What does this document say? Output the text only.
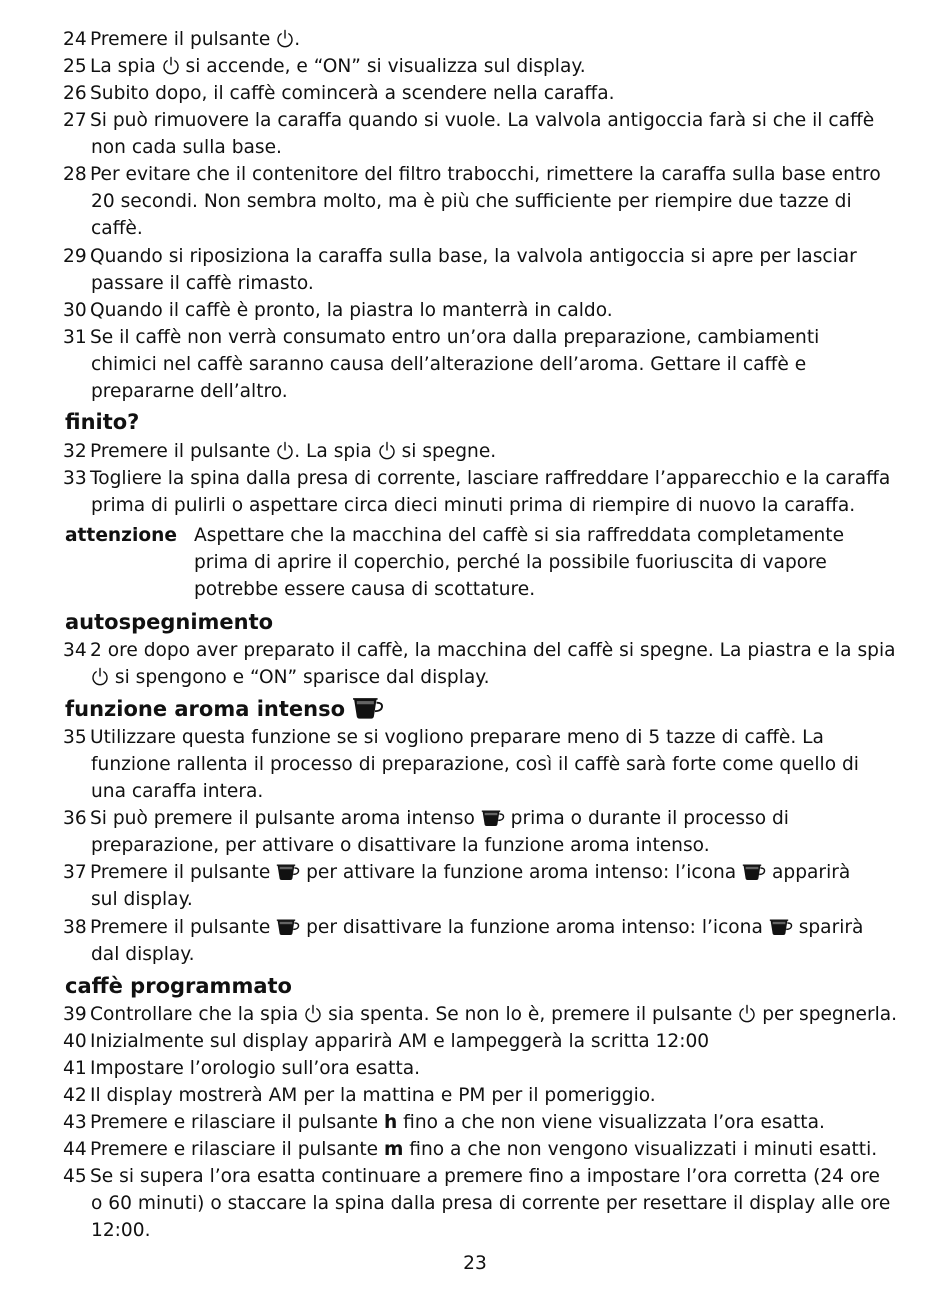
24 Premere il pulsante
.
25 La spia
si accende, e “ON” si visualizza sul display.
26 Subito dopo, il caffè comincerà a scendere nella caraffa.
27 Si può rimuovere la caraffa quando si vuole. La valvola antigoccia farà si che il caffè
non cada sulla base.
28 Per evitare che il contenitore del filtro trabocchi, rimettere la caraffa sulla base entro
20 secondi. Non sembra molto, ma è più che sufficiente per riempire due tazze di
caffè.
29 Quando si riposiziona la caraffa sulla base, la valvola antigoccia si apre per lasciar
passare il caffè rimasto.
30 Quando il caffè è pronto, la piastra lo manterrà in caldo.
31 Se il caffè non verrà consumato entro un’ora dalla preparazione, cambiamenti
chimici nel caffè saranno causa dell’alterazione dell’aroma. Gettare il caffè e
prepararne dell’altro.
finito?
32 Premere il pulsante
. La spia
si spegne.
33 Togliere la spina dalla presa di corrente, lasciare raffreddare l’apparecchio e la caraffa
prima di pulirli o aspettare circa dieci minuti prima di riempire di nuovo la caraffa.
attenzione Aspettare che la macchina del caffè si sia raffreddata completamente
prima di aprire il coperchio, perché la possibile fuoriuscita di vapore
potrebbe essere causa di scottature.
autospegnimento
34 2 ore dopo aver preparato il caffè, la macchina del caffè si spegne. La piastra e la spia
si spengono e “ON” sparisce dal display.
funzione aroma intenso
35 Utilizzare questa funzione se si vogliono preparare meno di 5 tazze di caffè. La
funzione rallenta il processo di preparazione, così il caffè sarà forte come quello di
una caraffa intera.
36 Si può premere il pulsante aroma intenso
prima o durante il processo di
preparazione, per attivare o disattivare la funzione aroma intenso.
37 Premere il pulsante
per attivare la funzione aroma intenso: l’icona
apparirà
sul display.
38 Premere il pulsante
per disattivare la funzione aroma intenso: l’icona
sparirà
dal display.
caffè programmato
39 Controllare che la spia
sia spenta. Se non lo è, premere il pulsante
per spegnerla.
40 Inizialmente sul display apparirà AM e lampeggerà la scritta 12:00
41 Impostare l’orologio sull’ora esatta.
42 Il display mostrerà AM per la mattina e PM per il pomeriggio.
43 Premere e rilasciare il pulsante h fino a che non viene visualizzata l’ora esatta.
44 Premere e rilasciare il pulsante m fino a che non vengono visualizzati i minuti esatti.
45 Se si supera l’ora esatta continuare a premere fino a impostare l’ora corretta (24 ore
o 60 minuti) o staccare la spina dalla presa di corrente per resettare il display alle ore
12:00.
23
